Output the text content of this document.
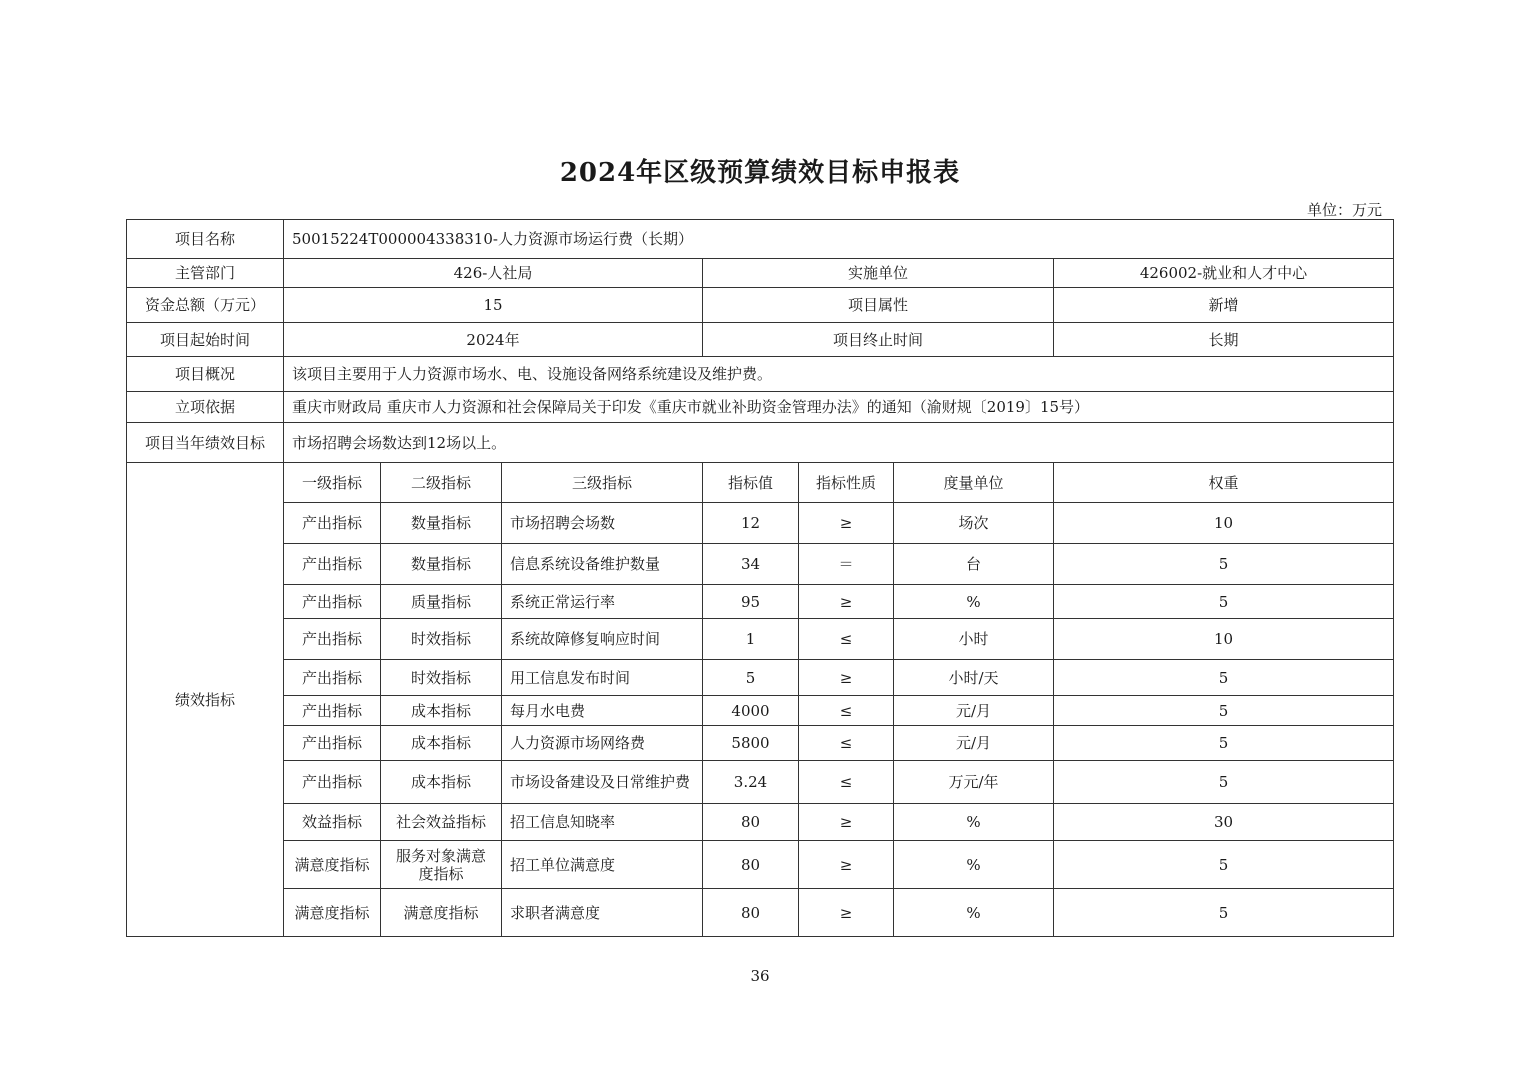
2024年区级预算绩效目标申报表
单位：万元
项目名称	50015224T000004338310-人力资源市场运行费（长期）						
主管部门	426-人社局			实施单位			426002-就业和人才中心
资金总额（万元）	15			项目属性			新增
项目起始时间	2024年			项目终止时间			长期
项目概况	该项目主要用于人力资源市场水、电、设施设备网络系统建设及维护费。						
立项依据	重庆市财政局 重庆市人力资源和社会保障局关于印发《重庆市就业补助资金管理办法》的通知（渝财规〔2019〕15号）						
项目当年绩效目标	市场招聘会场数达到12场以上。						
绩效指标	一级指标	二级指标	三级指标	指标值	指标性质	度量单位	权重
	产出指标	数量指标	市场招聘会场数	12	≥	场次	10
	产出指标	数量指标	信息系统设备维护数量	34	＝	台	5
	产出指标	质量指标	系统正常运行率	95	≥	%	5
	产出指标	时效指标	系统故障修复响应时间	1	≤	小时	10
	产出指标	时效指标	用工信息发布时间	5	≥	小时/天	5
	产出指标	成本指标	每月水电费	4000	≤	元/月	5
	产出指标	成本指标	人力资源市场网络费	5800	≤	元/月	5
	产出指标	成本指标	市场设备建设及日常维护费	3.24	≤	万元/年	5
	效益指标	社会效益指标	招工信息知晓率	80	≥	%	30
	满意度指标	服务对象满意度指标	招工单位满意度	80	≥	%	5
	满意度指标	满意度指标	求职者满意度	80	≥	%	5
36
